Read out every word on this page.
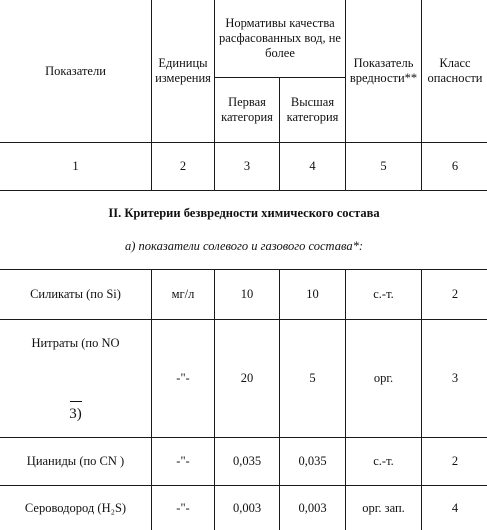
Показатели	Единицы измерения	Нормативы качества расфасованных вод, не более		Показатель вредности**	Класс опасности
		Первая категория	Высшая категория		
1	2	3	4	5	6

II. Критерии безвредности химического состава
а) показатели солевого и газового состава*:					

Силикаты (по Si)	мг/л	10	10	с.-т.	2

Нитраты (по NO
3)	-"-	20	5	орг.	3
Цианиды (по CN )	-"-	0,035	0,035	с.-т.	2
Сероводород (H₂S)	-"-	0,003	0,003	орг. зап.	4
